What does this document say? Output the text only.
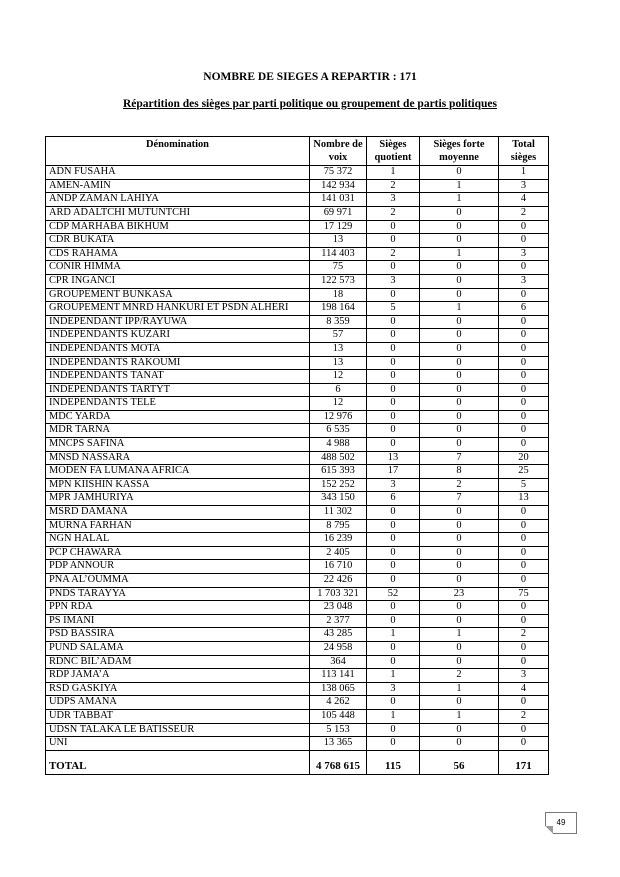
NOMBRE DE SIEGES A REPARTIR : 171
Répartition des sièges par parti politique ou groupement de partis politiques
Dénomination	Nombre de voix	Sièges quotient	Sièges forte moyenne	Total sièges
ADN FUSAHA	75 372	1	0	1
AMEN-AMIN	142 934	2	1	3
ANDP ZAMAN LAHIYA	141 031	3	1	4
ARD ADALTCHI MUTUNTCHI	69 971	2	0	2
CDP MARHABA BIKHUM	17 129	0	0	0
CDR BUKATA	13	0	0	0
CDS RAHAMA	114 403	2	1	3
CONIR HIMMA	75	0	0	0
CPR INGANCI	122 573	3	0	3
GROUPEMENT BUNKASA	18	0	0	0
GROUPEMENT MNRD HANKURI ET PSDN ALHERI	198 164	5	1	6
INDEPENDANT IPP/RAYUWA	8 359	0	0	0
INDEPENDANTS KUZARI	57	0	0	0
INDEPENDANTS MOTA	13	0	0	0
INDEPENDANTS RAKOUMI	13	0	0	0
INDEPENDANTS TANAT	12	0	0	0
INDEPENDANTS TARTYT	6	0	0	0
INDEPENDANTS TELE	12	0	0	0
MDC YARDA	12 976	0	0	0
MDR TARNA	6 535	0	0	0
MNCPS SAFINA	4 988	0	0	0
MNSD NASSARA	488 502	13	7	20
MODEN FA LUMANA AFRICA	615 393	17	8	25
MPN KIISHIN KASSA	152 252	3	2	5
MPR JAMHURIYA	343 150	6	7	13
MSRD DAMANA	11 302	0	0	0
MURNA FARHAN	8 795	0	0	0
NGN HALAL	16 239	0	0	0
PCP CHAWARA	2 405	0	0	0
PDP ANNOUR	16 710	0	0	0
PNA AL’OUMMA	22 426	0	0	0
PNDS TARAYYA	1 703 321	52	23	75
PPN RDA	23 048	0	0	0
PS IMANI	2 377	0	0	0
PSD BASSIRA	43 285	1	1	2
PUND SALAMA	24 958	0	0	0
RDNC BIL’ADAM	364	0	0	0
RDP JAMA’A	113 141	1	2	3
RSD GASKIYA	138 065	3	1	4
UDPS AMANA	4 262	0	0	0
UDR TABBAT	105 448	1	1	2
UDSN TALAKA LE BATISSEUR	5 153	0	0	0
UNI	13 365	0	0	0
TOTAL	4 768 615	115	56	171
49
